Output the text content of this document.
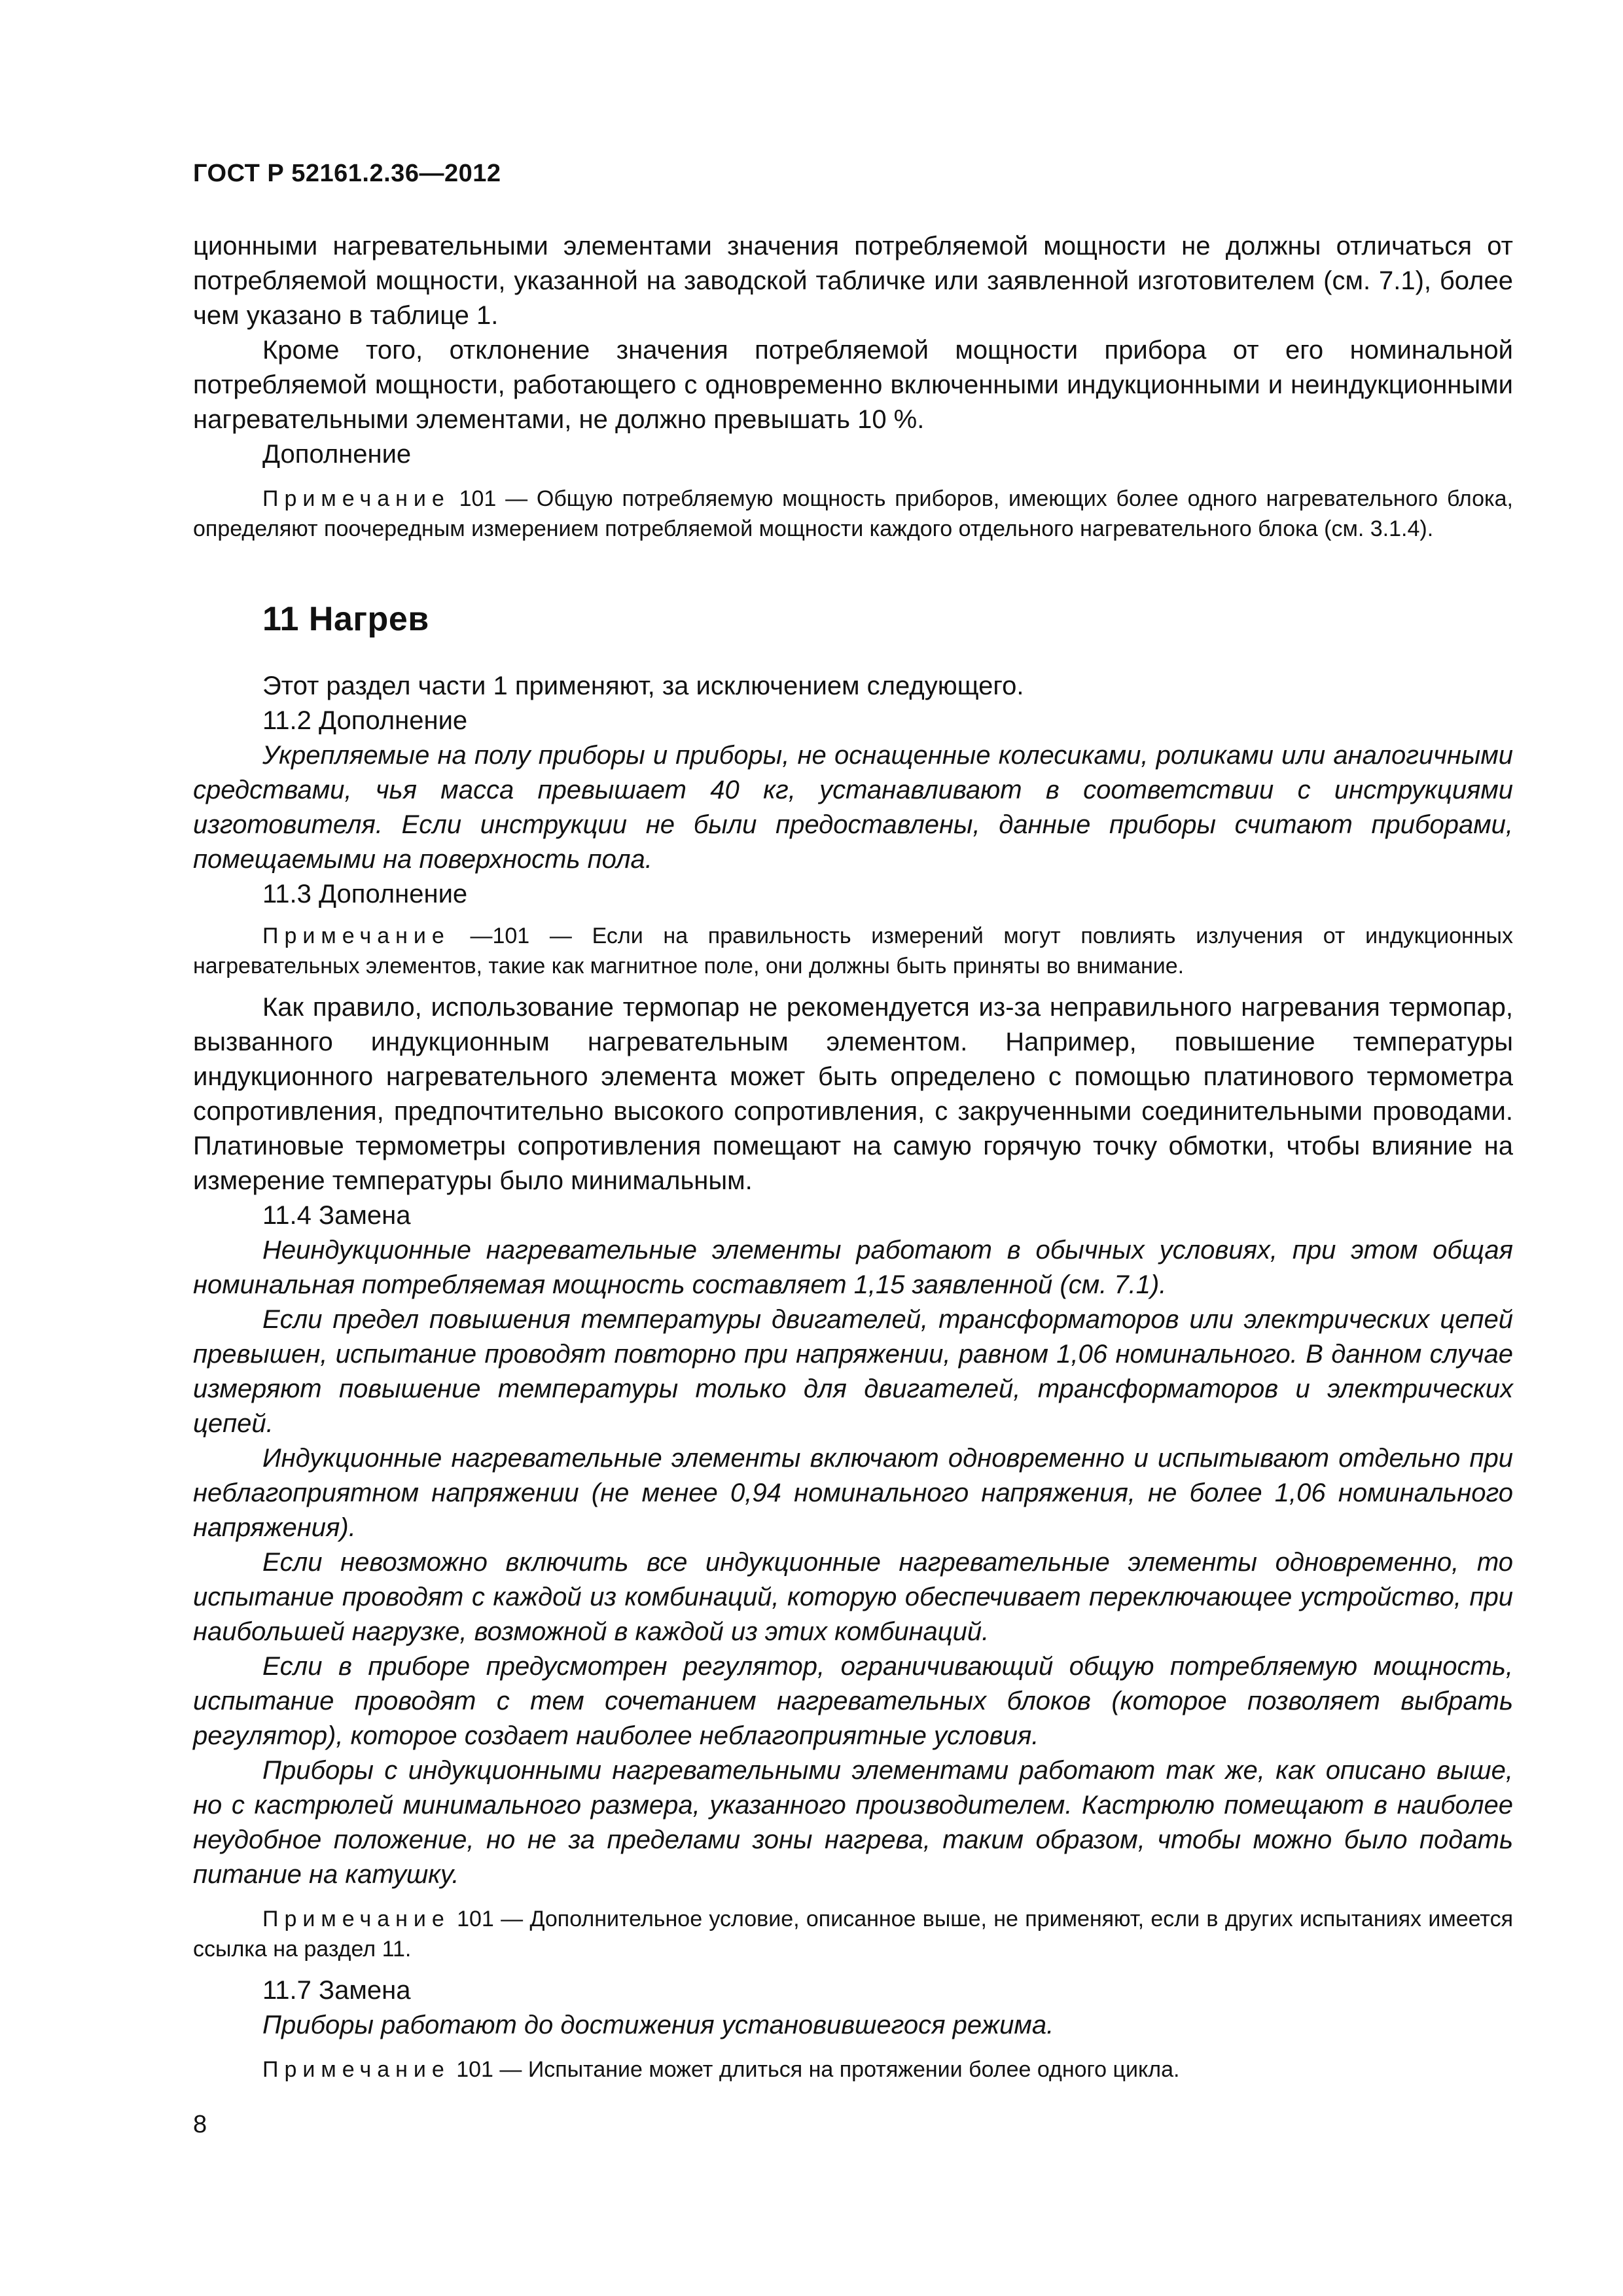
ГОСТ Р 52161.2.36—2012

ционными нагревательными элементами значения потребляемой мощности не должны отличаться от потребляемой мощности, указанной на заводской табличке или заявленной изготовителем (см. 7.1), более чем указано в таблице 1.

Кроме того, отклонение значения потребляемой мощности прибора от его номинальной потребляемой мощности, работающего с одновременно включенными индукционными и неиндукционными нагревательными элементами, не должно превышать 10 %.

Дополнение

Примечание 101 — Общую потребляемую мощность приборов, имеющих более одного нагревательного блока, определяют поочередным измерением потребляемой мощности каждого отдельного нагревательного блока (см. 3.1.4).

11 Нагрев

Этот раздел части 1 применяют, за исключением следующего.

11.2 Дополнение

Укрепляемые на полу приборы и приборы, не оснащенные колесиками, роликами или аналогичными средствами, чья масса превышает 40 кг, устанавливают в соответствии с инструкциями изготовителя. Если инструкции не были предоставлены, данные приборы считают приборами, помещаемыми на поверхность пола.

11.3 Дополнение

Примечание —101 — Если на правильность измерений могут повлиять излучения от индукционных нагревательных элементов, такие как магнитное поле, они должны быть приняты во внимание.

Как правило, использование термопар не рекомендуется из-за неправильного нагревания термопар, вызванного индукционным нагревательным элементом. Например, повышение температуры индукционного нагревательного элемента может быть определено с помощью платинового термометра сопротивления, предпочтительно высокого сопротивления, с закрученными соединительными проводами. Платиновые термометры сопротивления помещают на самую горячую точку обмотки, чтобы влияние на измерение температуры было минимальным.

11.4 Замена

Неиндукционные нагревательные элементы работают в обычных условиях, при этом общая номинальная потребляемая мощность составляет 1,15 заявленной (см. 7.1).

Если предел повышения температуры двигателей, трансформаторов или электрических цепей превышен, испытание проводят повторно при напряжении, равном 1,06 номинального. В данном случае измеряют повышение температуры только для двигателей, трансформаторов и электрических цепей.

Индукционные нагревательные элементы включают одновременно и испытывают отдельно при неблагоприятном напряжении (не менее 0,94 номинального напряжения, не более 1,06 номинального напряжения).

Если невозможно включить все индукционные нагревательные элементы одновременно, то испытание проводят с каждой из комбинаций, которую обеспечивает переключающее устройство, при наибольшей нагрузке, возможной в каждой из этих комбинаций.

Если в приборе предусмотрен регулятор, ограничивающий общую потребляемую мощность, испытание проводят с тем сочетанием нагревательных блоков (которое позволяет выбрать регулятор), которое создает наиболее неблагоприятные условия.

Приборы с индукционными нагревательными элементами работают так же, как описано выше, но с кастрюлей минимального размера, указанного производителем. Кастрюлю помещают в наиболее неудобное положение, но не за пределами зоны нагрева, таким образом, чтобы можно было подать питание на катушку.

Примечание 101 — Дополнительное условие, описанное выше, не применяют, если в других испытаниях имеется ссылка на раздел 11.

11.7 Замена

Приборы работают до достижения установившегося режима.

Примечание 101 — Испытание может длиться на протяжении более одного цикла.

8
